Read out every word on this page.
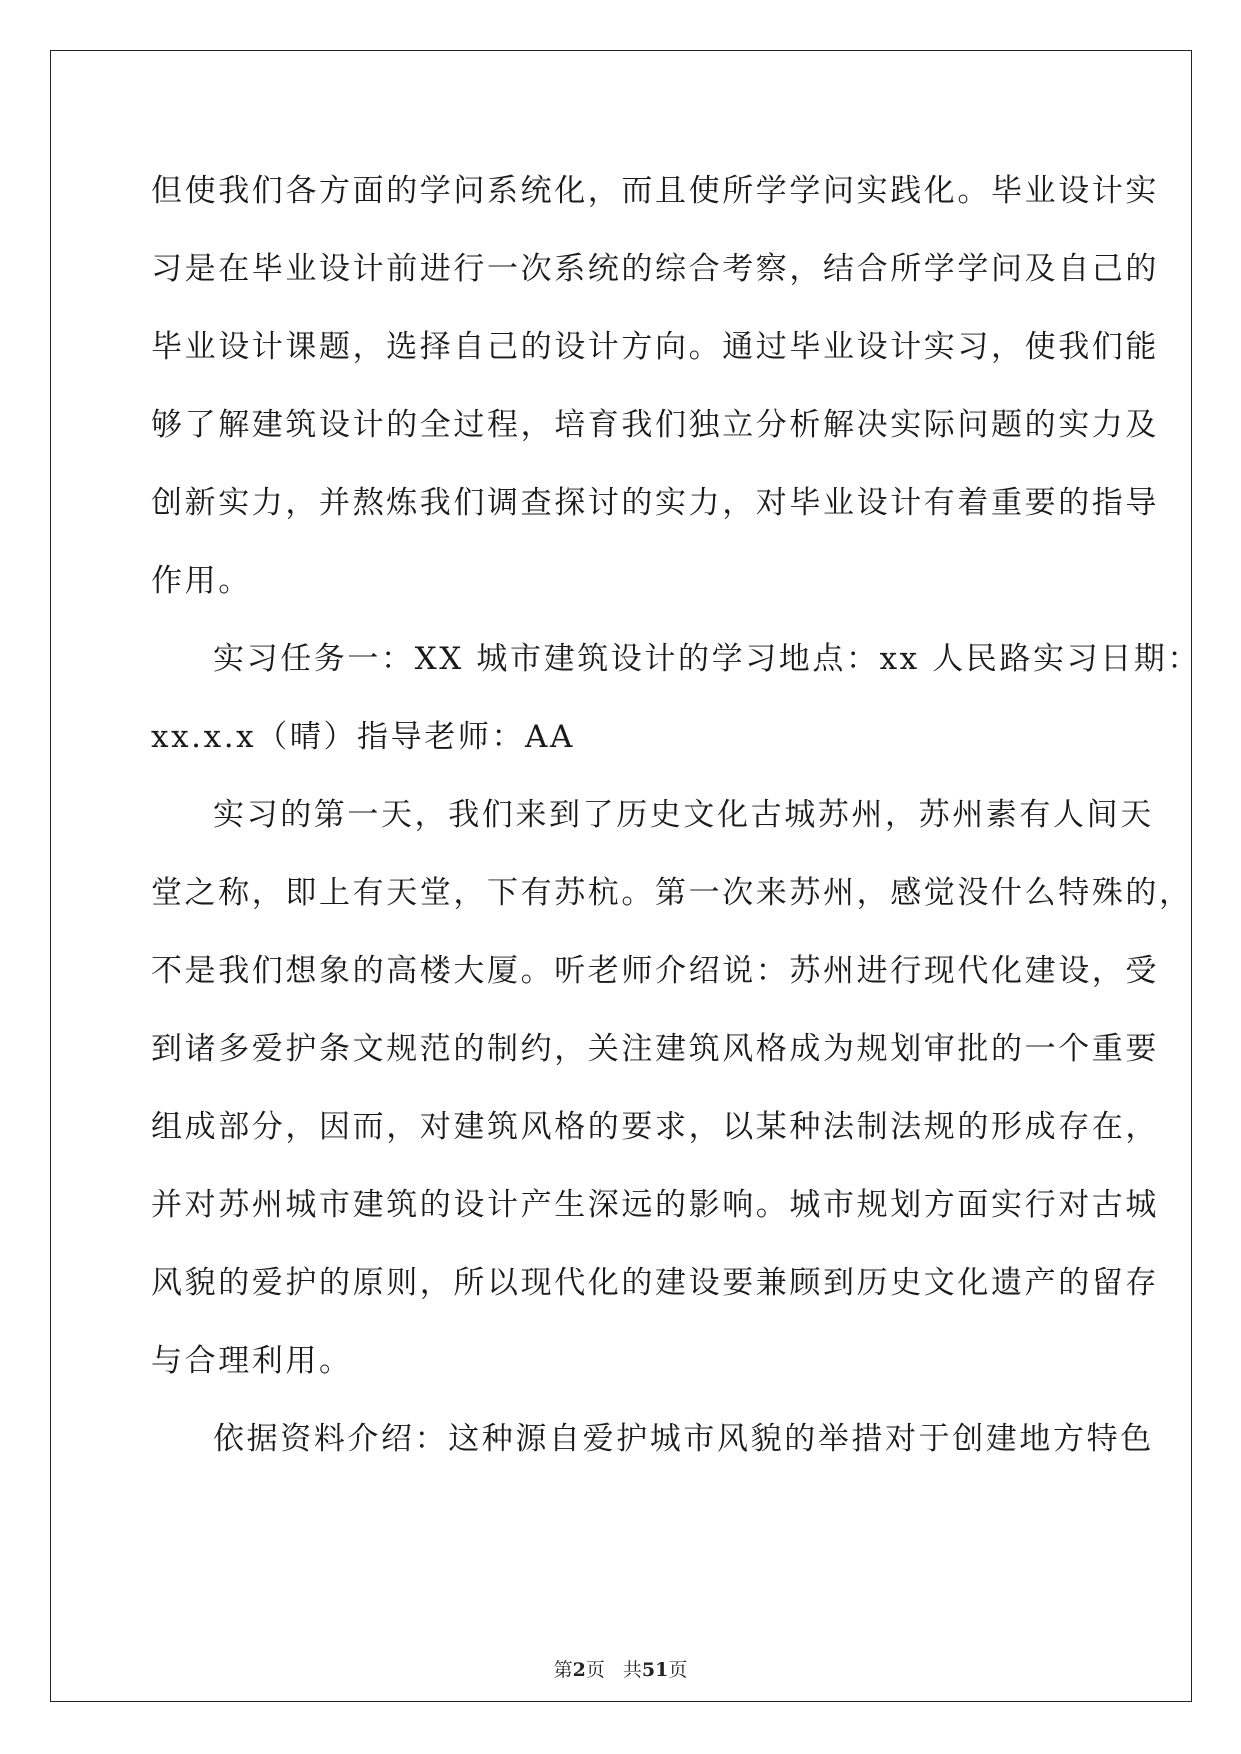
但使我们各方面的学问系统化，而且使所学学问实践化。毕业设计实
习是在毕业设计前进行一次系统的综合考察，结合所学学问及自己的
毕业设计课题，选择自己的设计方向。通过毕业设计实习，使我们能
够了解建筑设计的全过程，培育我们独立分析解决实际问题的实力及
创新实力，并熬炼我们调查探讨的实力，对毕业设计有着重要的指导
作用。
实习任务一：XX 城市建筑设计的学习地点：xx 人民路实习日期：
xx.x.x（晴）指导老师：AA
实习的第一天，我们来到了历史文化古城苏州，苏州素有人间天
堂之称，即上有天堂，下有苏杭。第一次来苏州，感觉没什么特殊的，
不是我们想象的高楼大厦。听老师介绍说：苏州进行现代化建设，受
到诸多爱护条文规范的制约，关注建筑风格成为规划审批的一个重要
组成部分，因而，对建筑风格的要求，以某种法制法规的形成存在，
并对苏州城市建筑的设计产生深远的影响。城市规划方面实行对古城
风貌的爱护的原则，所以现代化的建设要兼顾到历史文化遗产的留存
与合理利用。
依据资料介绍：这种源自爱护城市风貌的举措对于创建地方特色
第2页 共51页
